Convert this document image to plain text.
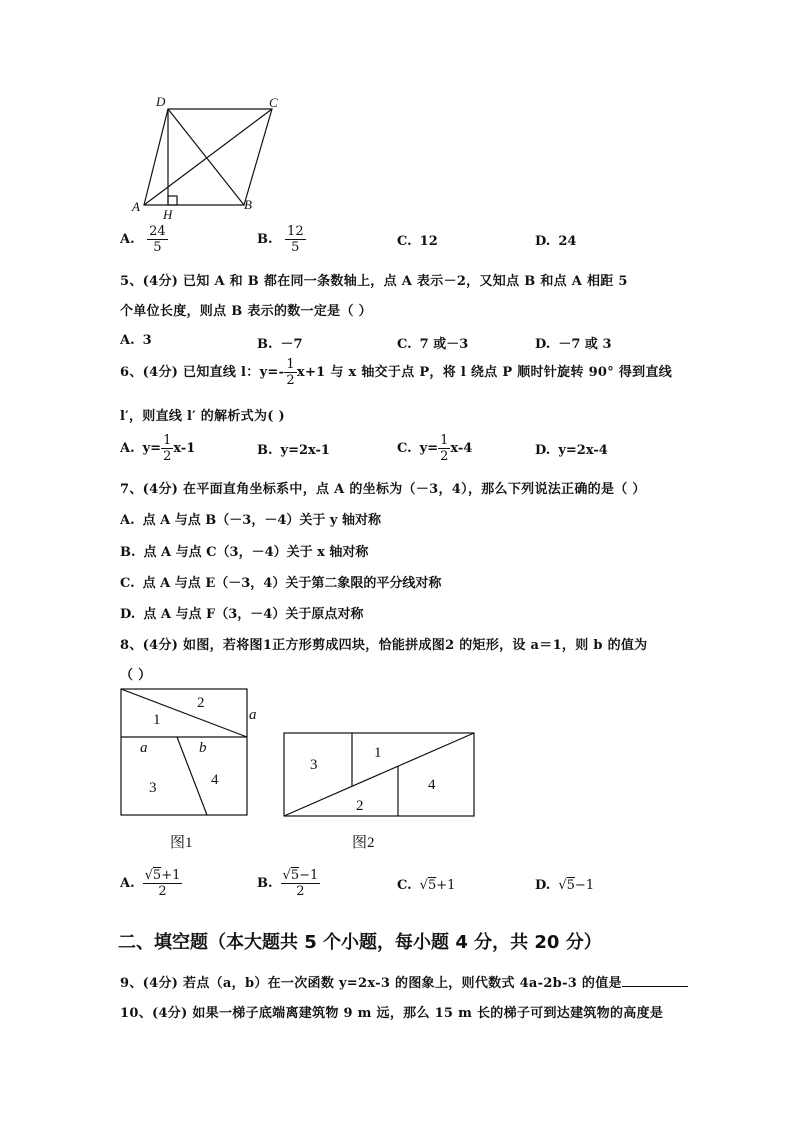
D	C
A	B
H
A. $\frac{24}{5}$	B. $\frac{12}{5}$	C. 12	D. 24
5、(4分) 已知 A 和 B 都在同一条数轴上，点 A 表示－2，又知点 B 和点 A 相距 5
个单位长度，则点 B 表示的数一定是（ ）
A. 3	B. －7	C. 7 或－3	D. －7 或 3
6、(4分) 已知直线 l：$y=- \frac{1}{2} x+1$ 与 x 轴交于点 P，将 l 绕点 P 顺时针旋转 90° 得到直线
l′，则直线 l′ 的解析式为( )
A. $y= \frac{1}{2} x-1$	B. y=2x-1	C. $y= \frac{1}{2} x-4$	D. y=2x-4
7、(4分) 在平面直角坐标系中，点 A 的坐标为（－3，4），那么下列说法正确的是（ ）
A. 点 A 与点 B（－3，－4）关于 y 轴对称
B. 点 A 与点 C（3，－4）关于 x 轴对称
C. 点 A 与点 E（－3，4）关于第二象限的平分线对称
D. 点 A 与点 F（3，－4）关于原点对称
8、(4分) 如图，若将图1正方形剪成四块，恰能拼成图2 的矩形，设 a＝1，则 b 的值为
（ ）
1
2
3	4
a
a	b
图1
3
1
2
4
图2
A. $\frac{√5+1}{2}$	B. $\frac{√5-1}{2}$	C. √5+1	D. √5−1
二、填空题（本大题共 5 个小题，每小题 4 分，共 20 分）
9、(4分) 若点（a，b）在一次函数 y=2x-3 的图象上，则代数式 4a-2b-3 的值是
10、(4分) 如果一梯子底端离建筑物 9 m 远，那么 15 m 长的梯子可到达建筑物的高度是
